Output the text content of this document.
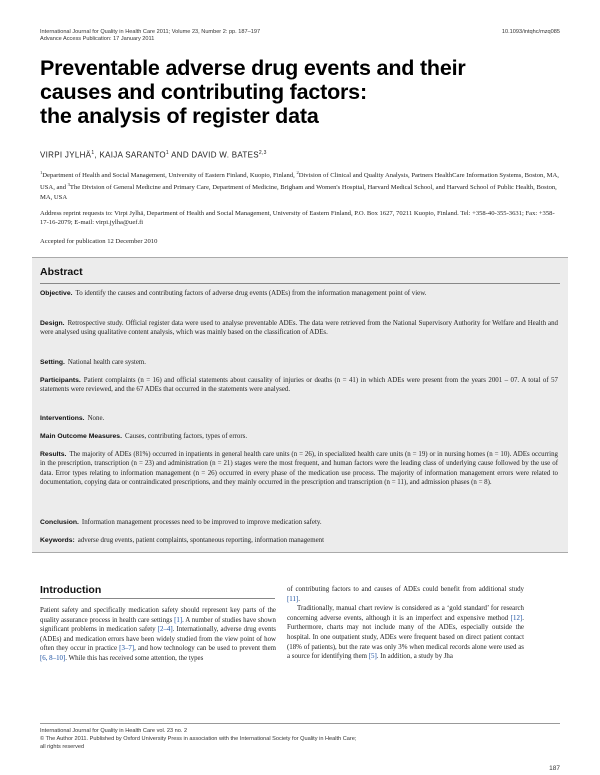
International Journal for Quality in Health Care 2011; Volume 23, Number 2: pp. 187–197
Advance Access Publication: 17 January 2011
10.1093/intqhc/mzq085
Preventable adverse drug events and their
causes and contributing factors:
the analysis of register data
VIRPI JYLHÄ$^1$, KAIJA SARANTO$^1$ AND DAVID W. BATES$^{2,3}$
$^1$Department of Health and Social Management, University of Eastern Finland, Kuopio, Finland, $^2$Division of Clinical and Quality Analysis, Partners HealthCare Information Systems, Boston, MA, USA, and $^3$The Division of General Medicine and Primary Care, Department of Medicine, Brigham and Women's Hospital, Harvard Medical School, and Harvard School of Public Health, Boston, MA, USA
Address reprint requests to: Virpi Jylhä, Department of Health and Social Management, University of Eastern Finland, P.O. Box 1627, 70211 Kuopio, Finland. Tel: +358-40-355-3631; Fax: +358-17-16-2079; E-mail: virpi.jylha@uef.fi
Accepted for publication 12 December 2010
Abstract
Objective. To identify the causes and contributing factors of adverse drug events (ADEs) from the information management point of view.
Design. Retrospective study. Official register data were used to analyse preventable ADEs. The data were retrieved from the National Supervisory Authority for Welfare and Health and were analysed using qualitative content analysis, which was mainly based on the classification of ADEs.
Setting. National health care system.
Participants. Patient complaints (n = 16) and official statements about causality of injuries or deaths (n = 41) in which ADEs were present from the years 2001 – 07. A total of 57 statements were reviewed, and the 67 ADEs that occurred in the statements were analysed.
Interventions. None.
Main Outcome Measures. Causes, contributing factors, types of errors.
Results. The majority of ADEs (81%) occurred in inpatients in general health care units (n = 26), in specialized health care units (n = 19) or in nursing homes (n = 10). ADEs occurring in the prescription, transcription (n = 23) and administration (n = 21) stages were the most frequent, and human factors were the leading class of underlying cause followed by the use of data. Error types relating to information management (n = 26) occurred in every phase of the medication use process. The majority of information management errors were related to documentation, copying data or contraindicated prescriptions, and they mainly occurred in the prescription and transcription (n = 11), and admission phases (n = 8).
Conclusion. Information management processes need to be improved to improve medication safety.
Keywords: adverse drug events, patient complaints, spontaneous reporting, information management
Introduction
Patient safety and specifically medication safety should represent key parts of the quality assurance process in health care settings [1]. A number of studies have shown significant problems in medication safety [2–4]. Internationally, adverse drug events (ADEs) and medication errors have been widely studied from the view point of how often they occur in practice [3–7], and how technology can be used to prevent them [6, 8–10]. While this has received some attention, the types
of contributing factors to and causes of ADEs could benefit from additional study [11].
Traditionally, manual chart review is considered as a ‘gold standard’ for research concerning adverse events, although it is an imperfect and expensive method [12]. Furthermore, charts may not include many of the ADEs, especially outside the hospital. In one outpatient study, ADEs were frequent based on direct patient contact (18% of patients), but the rate was only 3% when medical records alone were used as a source for identifying them [5]. In addition, a study by Jha
International Journal for Quality in Health Care vol. 23 no. 2
© The Author 2011. Published by Oxford University Press in association with the International Society for Quality in Health Care;
all rights reserved
187
